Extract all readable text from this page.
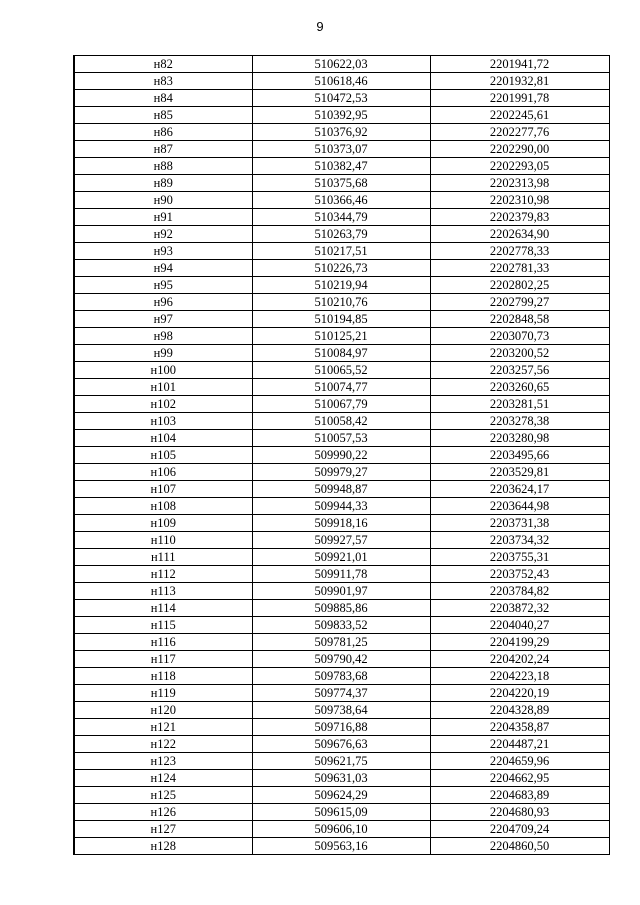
9
н82	510622,03	2201941,72
н83	510618,46	2201932,81
н84	510472,53	2201991,78
н85	510392,95	2202245,61
н86	510376,92	2202277,76
н87	510373,07	2202290,00
н88	510382,47	2202293,05
н89	510375,68	2202313,98
н90	510366,46	2202310,98
н91	510344,79	2202379,83
н92	510263,79	2202634,90
н93	510217,51	2202778,33
н94	510226,73	2202781,33
н95	510219,94	2202802,25
н96	510210,76	2202799,27
н97	510194,85	2202848,58
н98	510125,21	2203070,73
н99	510084,97	2203200,52
н100	510065,52	2203257,56
н101	510074,77	2203260,65
н102	510067,79	2203281,51
н103	510058,42	2203278,38
н104	510057,53	2203280,98
н105	509990,22	2203495,66
н106	509979,27	2203529,81
н107	509948,87	2203624,17
н108	509944,33	2203644,98
н109	509918,16	2203731,38
н110	509927,57	2203734,32
н111	509921,01	2203755,31
н112	509911,78	2203752,43
н113	509901,97	2203784,82
н114	509885,86	2203872,32
н115	509833,52	2204040,27
н116	509781,25	2204199,29
н117	509790,42	2204202,24
н118	509783,68	2204223,18
н119	509774,37	2204220,19
н120	509738,64	2204328,89
н121	509716,88	2204358,87
н122	509676,63	2204487,21
н123	509621,75	2204659,96
н124	509631,03	2204662,95
н125	509624,29	2204683,89
н126	509615,09	2204680,93
н127	509606,10	2204709,24
н128	509563,16	2204860,50
